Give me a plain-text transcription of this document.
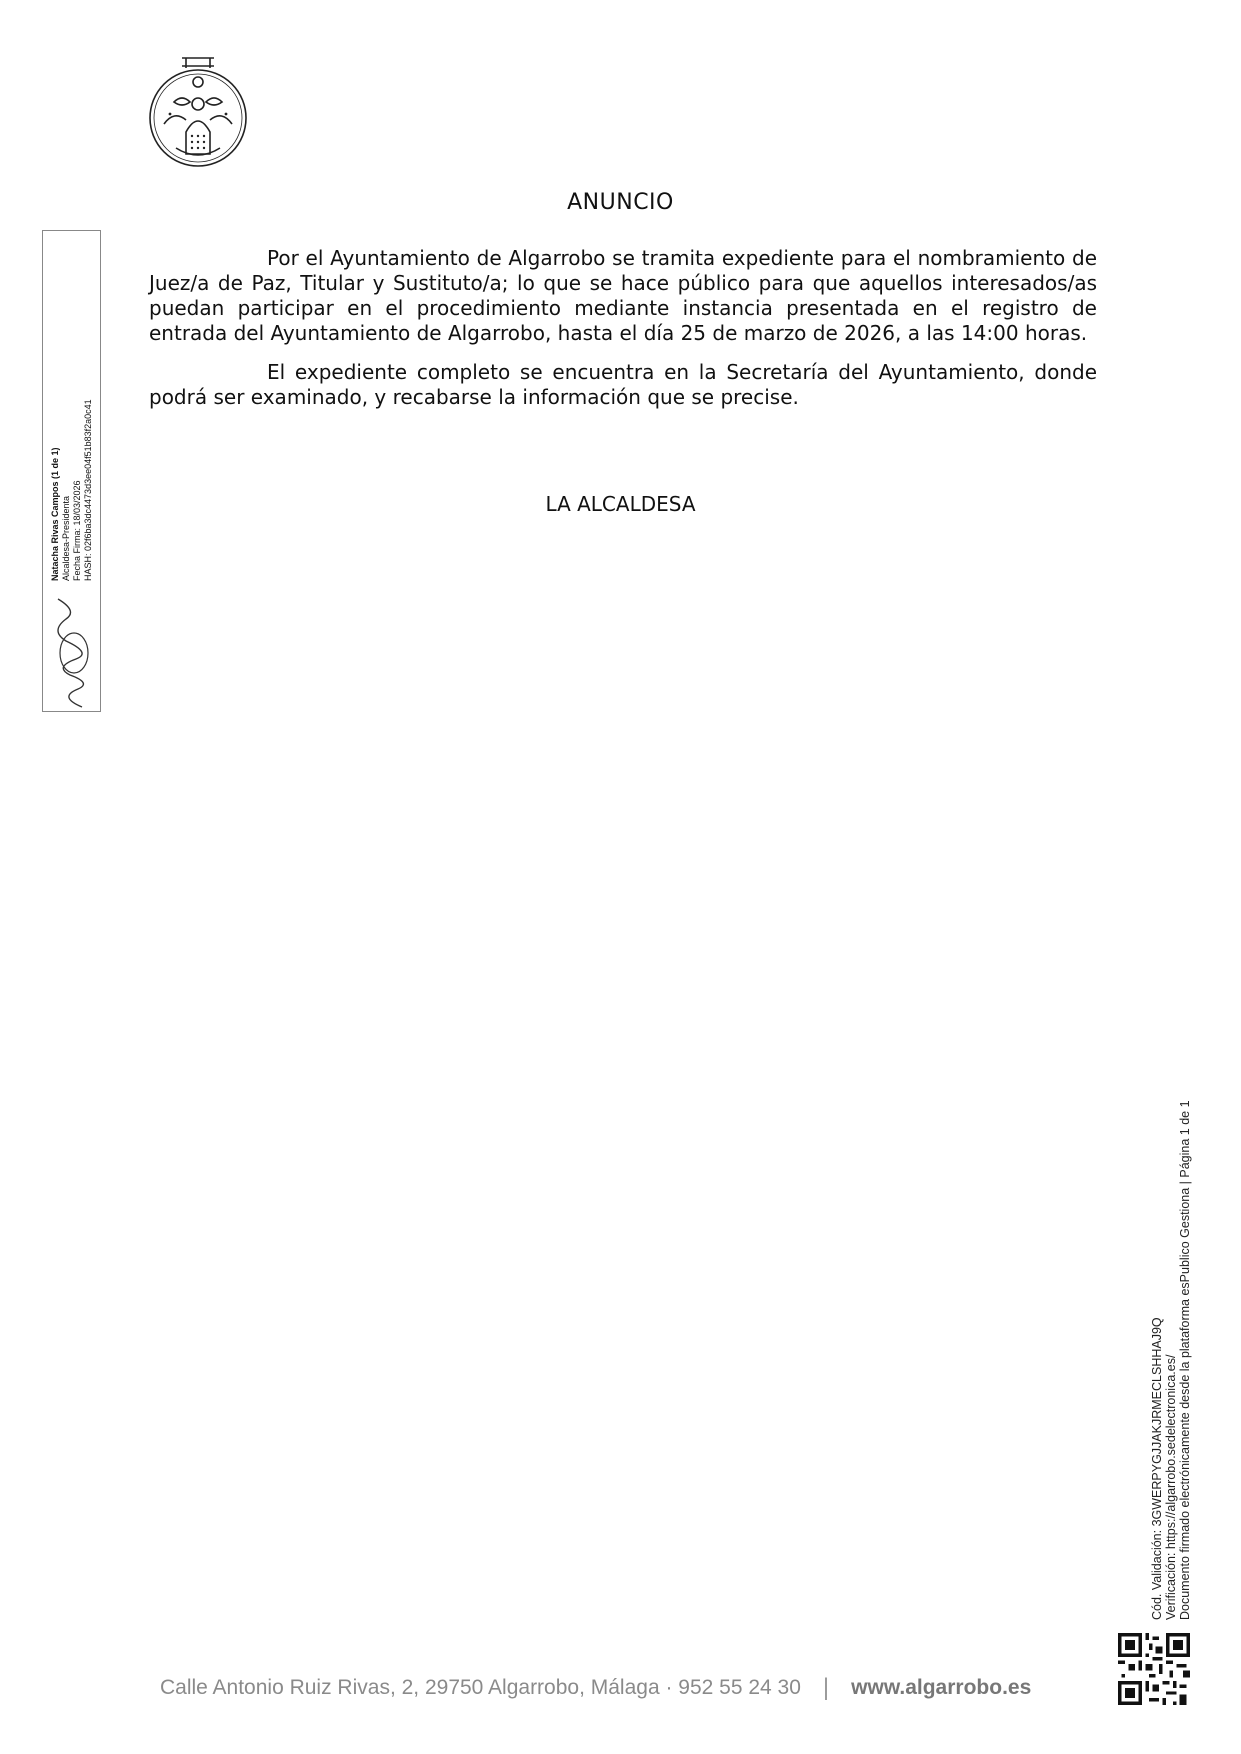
Natacha Rivas Campos (1 de 1) Alcaldesa-Presidenta Fecha Firma: 18/03/2026 HASH: 02f6ba3dc4473d3ee04f51b83f2a0c41
ANUNCIO

Por el Ayuntamiento de Algarrobo se tramita expediente para el nombramiento de Juez/a de Paz, Titular y Sustituto/a; lo que se hace público para que aquellos interesados/as puedan participar en el procedimiento mediante instancia presentada en el registro de entrada del Ayuntamiento de Algarrobo, hasta el día 25 de marzo de 2026, a las 14:00 horas.

El expediente completo se encuentra en la Secretaría del Ayuntamiento, donde podrá ser examinado, y recabarse la información que se precise.

LA ALCALDESA
Cód. Validación: 3GWERPYGJJAKJRMECLSHHAJ9Q Verificación: https://algarrobo.sedelectronica.es/ Documento firmado electrónicamente desde la plataforma esPublico Gestiona | Página 1 de 1
Calle Antonio Ruiz Rivas, 2, 29750 Algarrobo, Málaga · 952 55 24 30 | www.algarrobo.es
